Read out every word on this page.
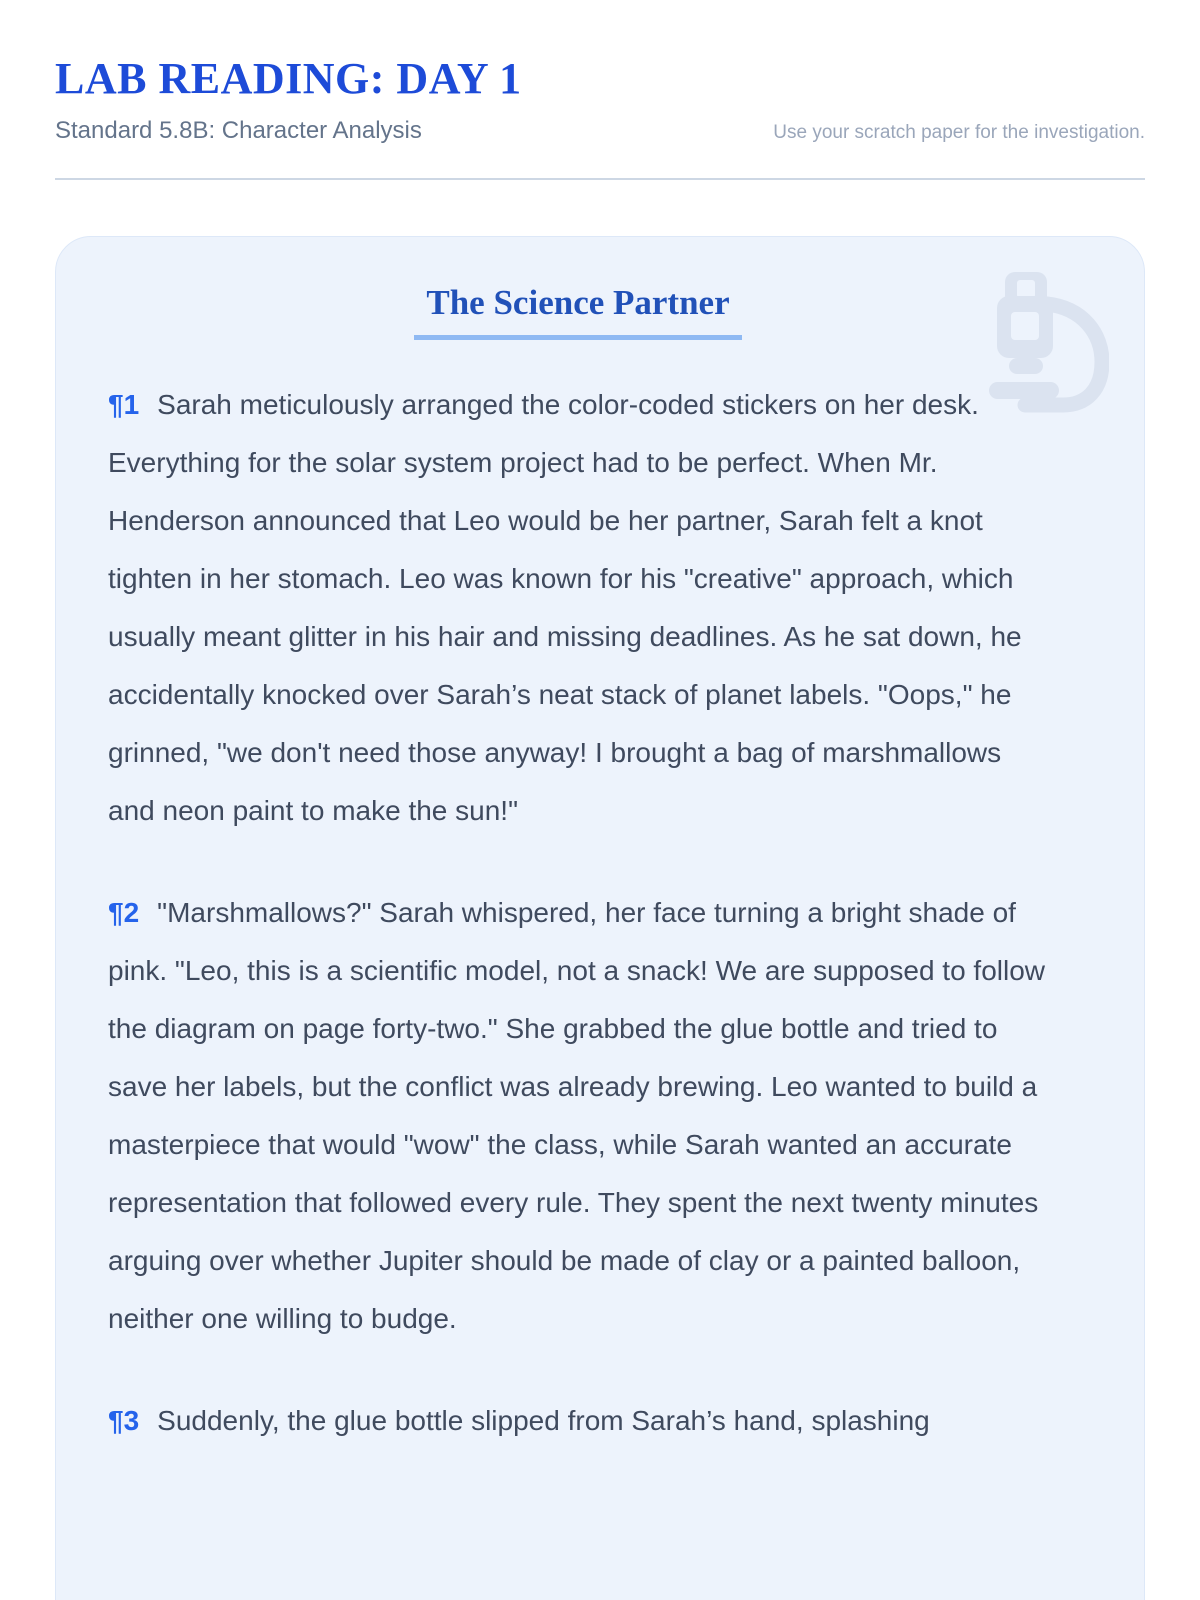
LAB READING: DAY 1
Standard 5.8B: Character Analysis	Use your scratch paper for the investigation.
The Science Partner

¶1 Sarah meticulously arranged the color-coded stickers on her desk. Everything for the solar system project had to be perfect. When Mr. Henderson announced that Leo would be her partner, Sarah felt a knot tighten in her stomach. Leo was known for his "creative" approach, which usually meant glitter in his hair and missing deadlines. As he sat down, he accidentally knocked over Sarah’s neat stack of planet labels. "Oops," he grinned, "we don't need those anyway! I brought a bag of marshmallows and neon paint to make the sun!"

¶2 "Marshmallows?" Sarah whispered, her face turning a bright shade of pink. "Leo, this is a scientific model, not a snack! We are supposed to follow the diagram on page forty-two." She grabbed the glue bottle and tried to save her labels, but the conflict was already brewing. Leo wanted to build a masterpiece that would "wow" the class, while Sarah wanted an accurate representation that followed every rule. They spent the next twenty minutes arguing over whether Jupiter should be made of clay or a painted balloon, neither one willing to budge.

¶3 Suddenly, the glue bottle slipped from Sarah’s hand, splashing
